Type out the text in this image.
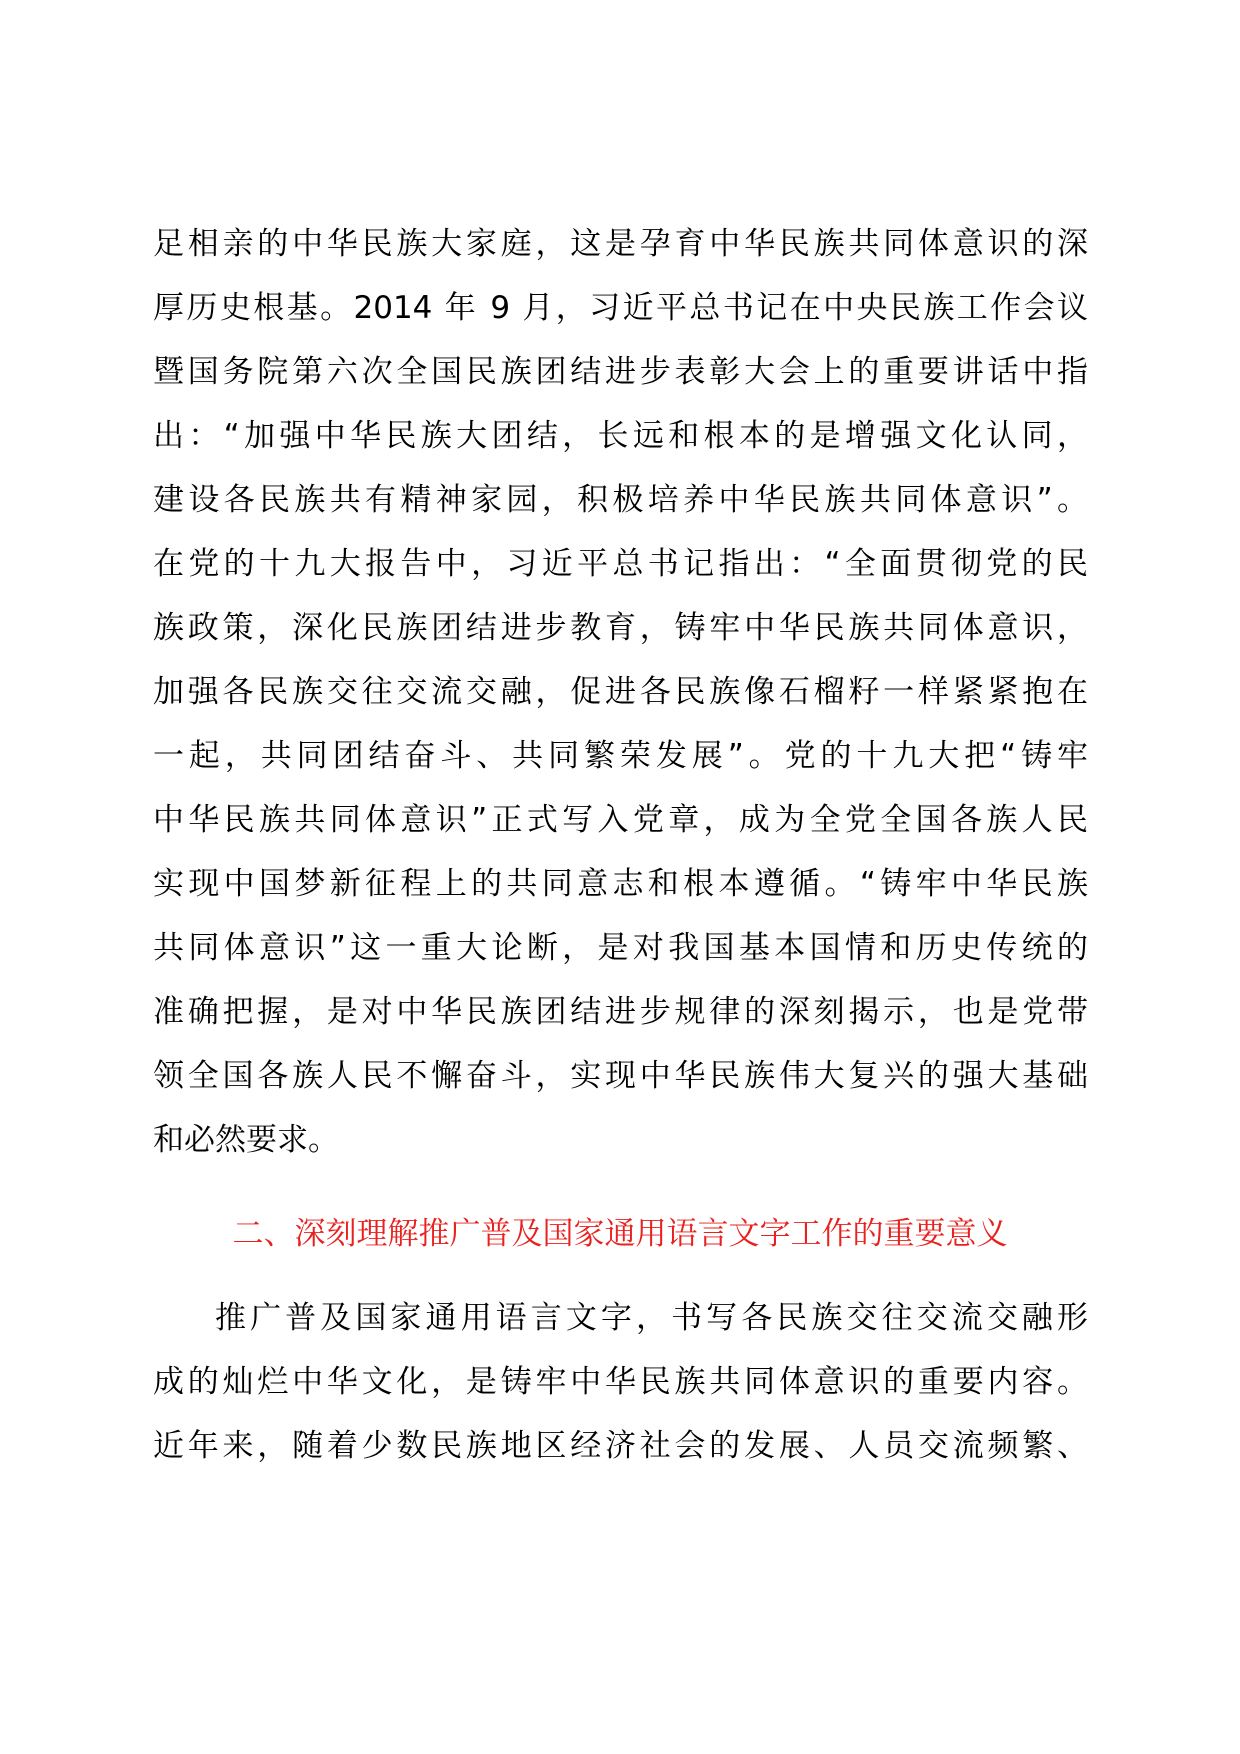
足相亲的中华民族大家庭，这是孕育中华民族共同体意识的深
厚历史根基。2014 年 9 月，习近平总书记在中央民族工作会议
暨国务院第六次全国民族团结进步表彰大会上的重要讲话中指
出：“加强中华民族大团结，长远和根本的是增强文化认同，
建设各民族共有精神家园，积极培养中华民族共同体意识”。
在党的十九大报告中，习近平总书记指出：“全面贯彻党的民
族政策，深化民族团结进步教育，铸牢中华民族共同体意识，
加强各民族交往交流交融，促进各民族像石榴籽一样紧紧抱在
一起，共同团结奋斗、共同繁荣发展”。党的十九大把“铸牢
中华民族共同体意识”正式写入党章，成为全党全国各族人民
实现中国梦新征程上的共同意志和根本遵循。“铸牢中华民族
共同体意识”这一重大论断，是对我国基本国情和历史传统的
准确把握，是对中华民族团结进步规律的深刻揭示，也是党带
领全国各族人民不懈奋斗，实现中华民族伟大复兴的强大基础
和必然要求。
二、深刻理解推广普及国家通用语言文字工作的重要意义
推广普及国家通用语言文字，书写各民族交往交流交融形
成的灿烂中华文化，是铸牢中华民族共同体意识的重要内容。
近年来，随着少数民族地区经济社会的发展、人员交流频繁、
